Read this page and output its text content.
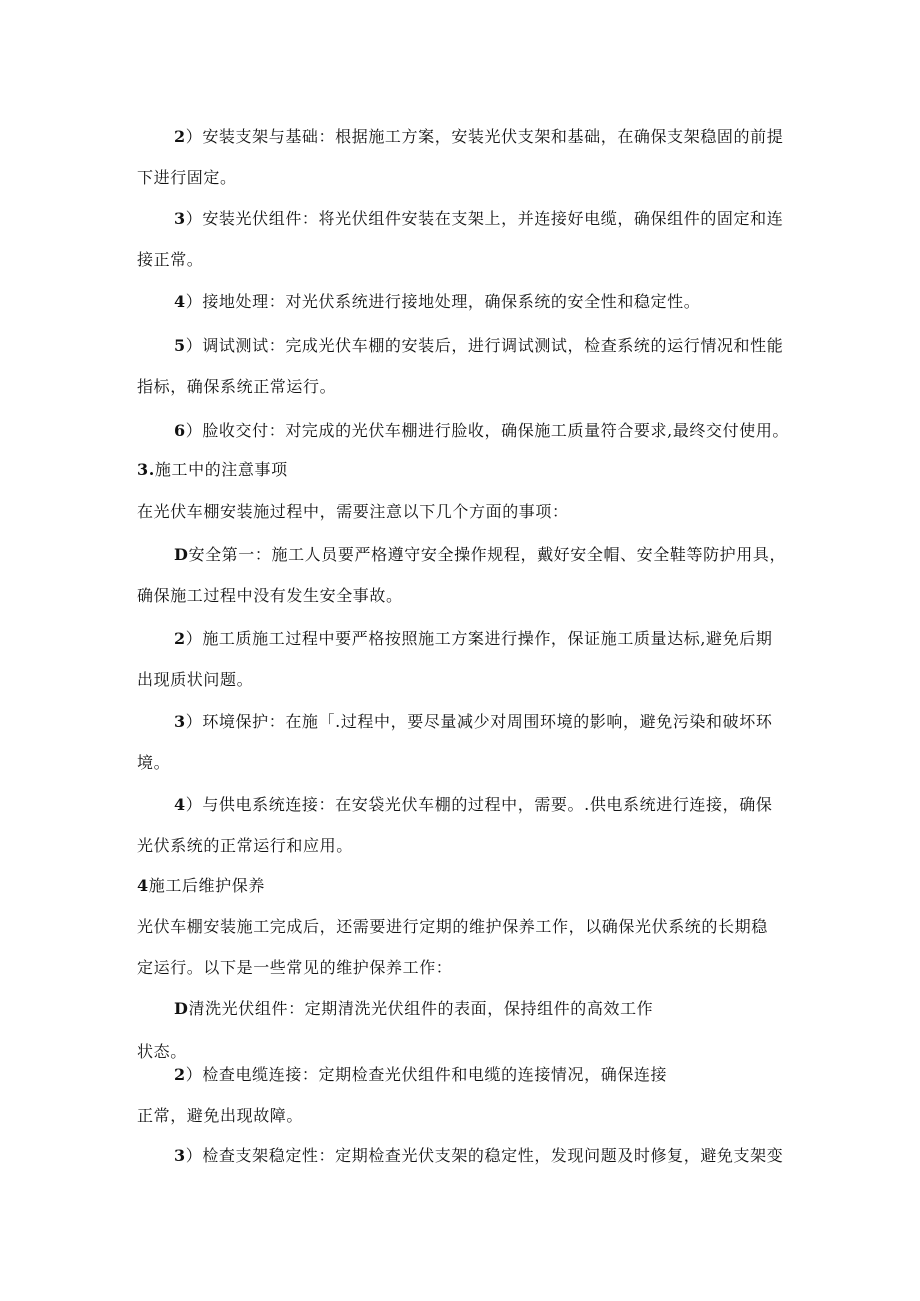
2）安装支架与基础：根据施工方案，安装光伏支架和基础，在确保支架稳固的前提
下进行固定。
3）安装光伏组件：将光伏组件安装在支架上，并连接好电缆，确保组件的固定和连
接正常。
4）接地处理：对光伏系统进行接地处理，确保系统的安全性和稳定性。
5）调试测试：完成光伏车棚的安装后，进行调试测试，检查系统的运行情况和性能
指标，确保系统正常运行。
6）脸收交付：对完成的光伏车棚进行脸收，确保施工质量符合要求,最终交付使用。
3.施工中的注意事项
在光伏车棚安装施过程中，需要注意以下几个方面的事项：
D安全第一：施工人员要严格遵守安全操作规程，戴好安全帽、安全鞋等防护用具，
确保施工过程中没有发生安全事故。
2）施工质施工过程中要严格按照施工方案进行操作，保证施工质量达标,避免后期
出现质状问题。
3）环境保护：在施「.过程中，要尽量减少对周围环境的影响，避免污染和破坏环
境。
4）与供电系统连接：在安袋光伏车棚的过程中，需要。.供电系统进行连接，确保
光伏系统的正常运行和应用。
4施工后维护保养
光伏车棚安装施工完成后，还需要进行定期的维护保养工作，以确保光伏系统的长期稳
定运行。以下是一些常见的维护保养工作：
D清洗光伏组件：定期清洗光伏组件的表面，保持组件的高效工作
状态。
2）检查电缆连接：定期检查光伏组件和电缆的连接情况，确保连接
正常，避免出现故障。
3）检查支架稳定性：定期检查光伏支架的稳定性，发现问题及时修复，避免支架变
